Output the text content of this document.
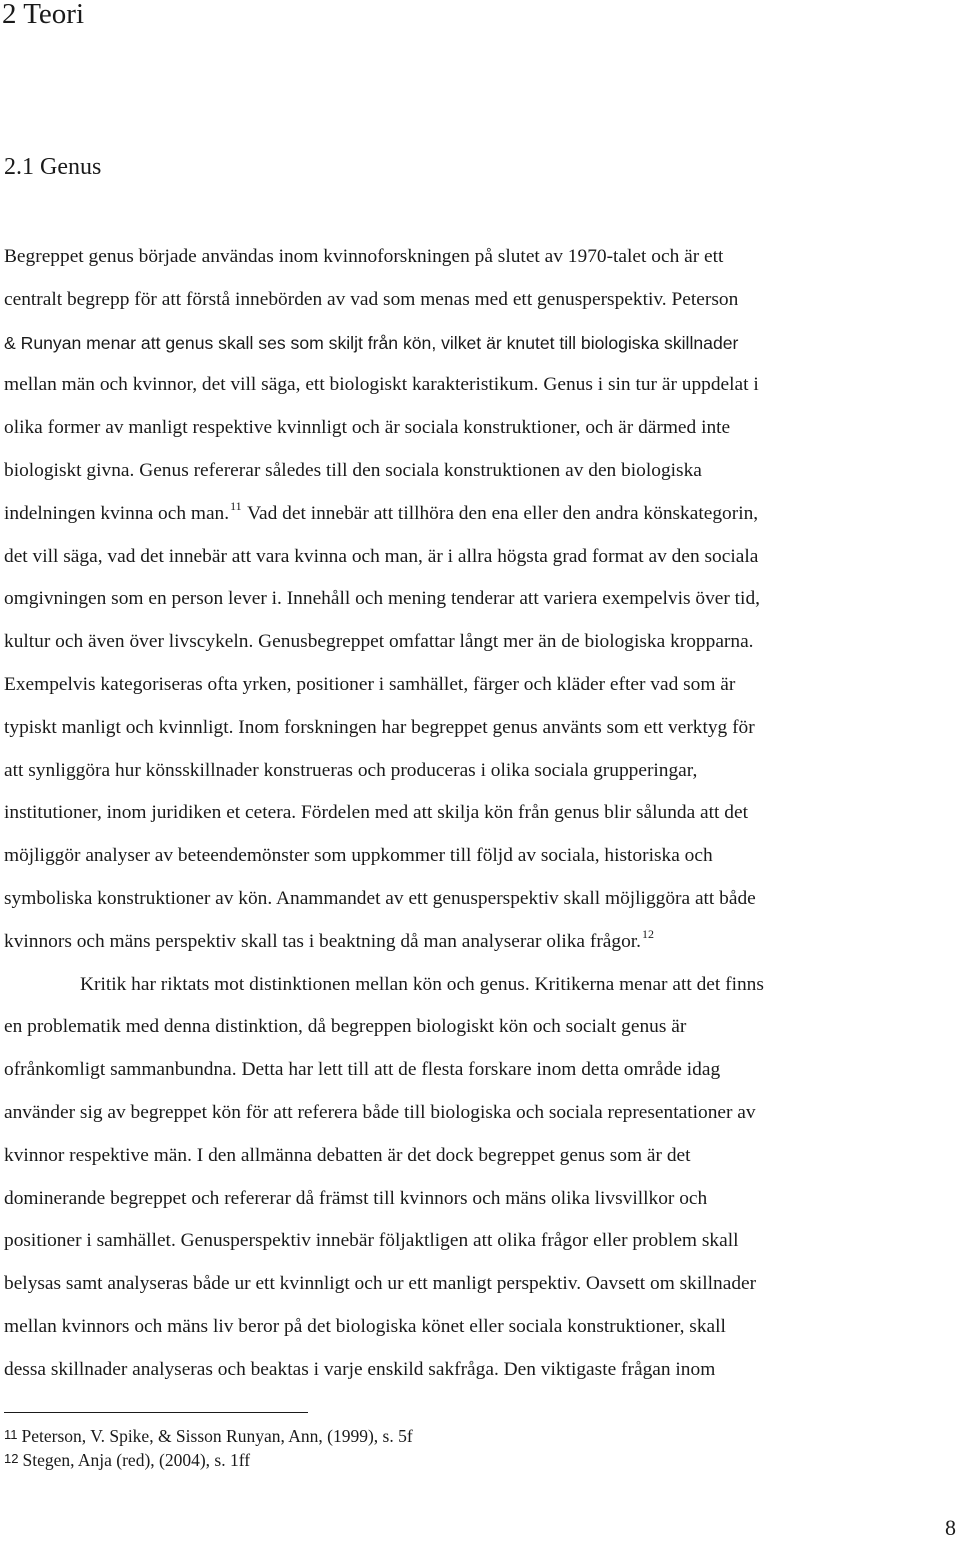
2 Teori
2.1 Genus
Begreppet genus började användas inom kvinnoforskningen på slutet av 1970-talet och är ett
centralt begrepp för att förstå innebörden av vad som menas med ett genusperspektiv. Peterson
& Runyan menar att genus skall ses som skiljt från kön, vilket är knutet till biologiska skillnader
mellan män och kvinnor, det vill säga, ett biologiskt karakteristikum. Genus i sin tur är uppdelat i
olika former av manligt respektive kvinnligt och är sociala konstruktioner, och är därmed inte
biologiskt givna. Genus refererar således till den sociala konstruktionen av den biologiska
indelningen kvinna och man.$^{11}$ Vad det innebär att tillhöra den ena eller den andra könskategorin,
det vill säga, vad det innebär att vara kvinna och man, är i allra högsta grad format av den sociala
omgivningen som en person lever i. Innehåll och mening tenderar att variera exempelvis över tid,
kultur och även över livscykeln. Genusbegreppet omfattar långt mer än de biologiska kropparna.
Exempelvis kategoriseras ofta yrken, positioner i samhället, färger och kläder efter vad som är
typiskt manligt och kvinnligt. Inom forskningen har begreppet genus använts som ett verktyg för
att synliggöra hur könsskillnader konstrueras och produceras i olika sociala grupperingar,
institutioner, inom juridiken et cetera. Fördelen med att skilja kön från genus blir sålunda att det
möjliggör analyser av beteendemönster som uppkommer till följd av sociala, historiska och
symboliska konstruktioner av kön. Anammandet av ett genusperspektiv skall möjliggöra att både
kvinnors och mäns perspektiv skall tas i beaktning då man analyserar olika frågor.$^{12}$
Kritik har riktats mot distinktionen mellan kön och genus. Kritikerna menar att det finns
en problematik med denna distinktion, då begreppen biologiskt kön och socialt genus är
ofrånkomligt sammanbundna. Detta har lett till att de flesta forskare inom detta område idag
använder sig av begreppet kön för att referera både till biologiska och sociala representationer av
kvinnor respektive män. I den allmänna debatten är det dock begreppet genus som är det
dominerande begreppet och refererar då främst till kvinnors och mäns olika livsvillkor och
positioner i samhället. Genusperspektiv innebär följaktligen att olika frågor eller problem skall
belysas samt analyseras både ur ett kvinnligt och ur ett manligt perspektiv. Oavsett om skillnader
mellan kvinnors och mäns liv beror på det biologiska könet eller sociala konstruktioner, skall
dessa skillnader analyseras och beaktas i varje enskild sakfråga. Den viktigaste frågan inom
11 Peterson, V. Spike, & Sisson Runyan, Ann, (1999), s. 5f
12 Stegen, Anja (red), (2004), s. 1ff
8
